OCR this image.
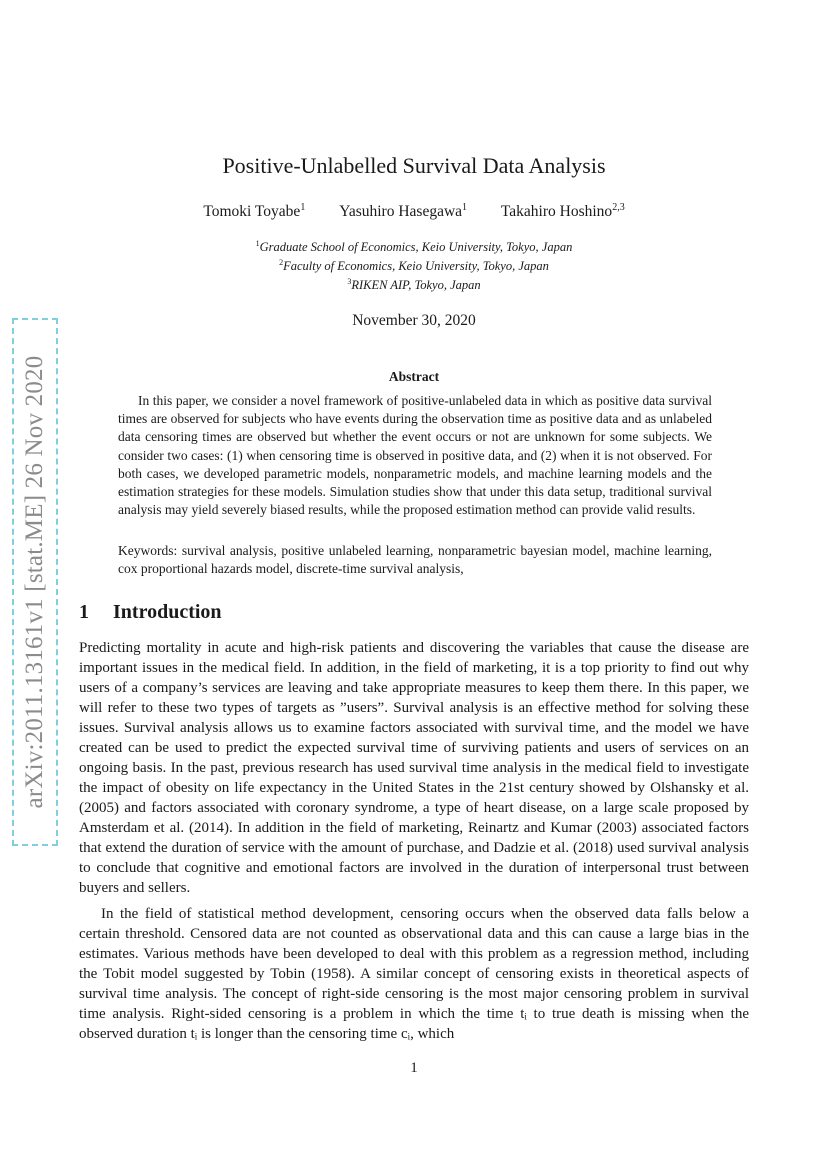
arXiv:2011.13161v1 [stat.ME] 26 Nov 2020
Positive-Unlabelled Survival Data Analysis
Tomoki Toyabe$^1$ Yasuhiro Hasegawa$^1$ Takahiro Hoshino$^{2,3}$
$^1$Graduate School of Economics, Keio University, Tokyo, Japan
$^2$Faculty of Economics, Keio University, Tokyo, Japan
$^3$RIKEN AIP, Tokyo, Japan
November 30, 2020
Abstract

In this paper, we consider a novel framework of positive-unlabeled data in which as positive data survival times are observed for subjects who have events during the observation time as positive data and as unlabeled data censoring times are observed but whether the event occurs or not are unknown for some subjects. We consider two cases: (1) when censoring time is observed in positive data, and (2) when it is not observed. For both cases, we developed parametric models, nonparametric models, and machine learning models and the estimation strategies for these models. Simulation studies show that under this data setup, traditional survival analysis may yield severely biased results, while the proposed estimation method can provide valid results.

Keywords: survival analysis, positive unlabeled learning, nonparametric bayesian model, machine learning, cox proportional hazards model, discrete-time survival analysis,

1 Introduction

Predicting mortality in acute and high-risk patients and discovering the variables that cause the disease are important issues in the medical field. In addition, in the field of marketing, it is a top priority to find out why users of a company’s services are leaving and take appropriate measures to keep them there. In this paper, we will refer to these two types of targets as ”users”. Survival analysis is an effective method for solving these issues. Survival analysis allows us to examine factors associated with survival time, and the model we have created can be used to predict the expected survival time of surviving patients and users of services on an ongoing basis. In the past, previous research has used survival time analysis in the medical field to investigate the impact of obesity on life expectancy in the United States in the 21st century showed by Olshansky et al. (2005) and factors associated with coronary syndrome, a type of heart disease, on a large scale proposed by Amsterdam et al. (2014). In addition in the field of marketing, Reinartz and Kumar (2003) associated factors that extend the duration of service with the amount of purchase, and Dadzie et al. (2018) used survival analysis to conclude that cognitive and emotional factors are involved in the duration of interpersonal trust between buyers and sellers.

In the field of statistical method development, censoring occurs when the observed data falls below a certain threshold. Censored data are not counted as observational data and this can cause a large bias in the estimates. Various methods have been developed to deal with this problem as a regression method, including the Tobit model suggested by Tobin (1958). A similar concept of censoring exists in theoretical aspects of survival time analysis. The concept of right-side censoring is the most major censoring problem in survival time analysis. Right-sided censoring is a problem in which the time tᵢ to true death is missing when the observed duration tᵢ is longer than the censoring time cᵢ, which

1
